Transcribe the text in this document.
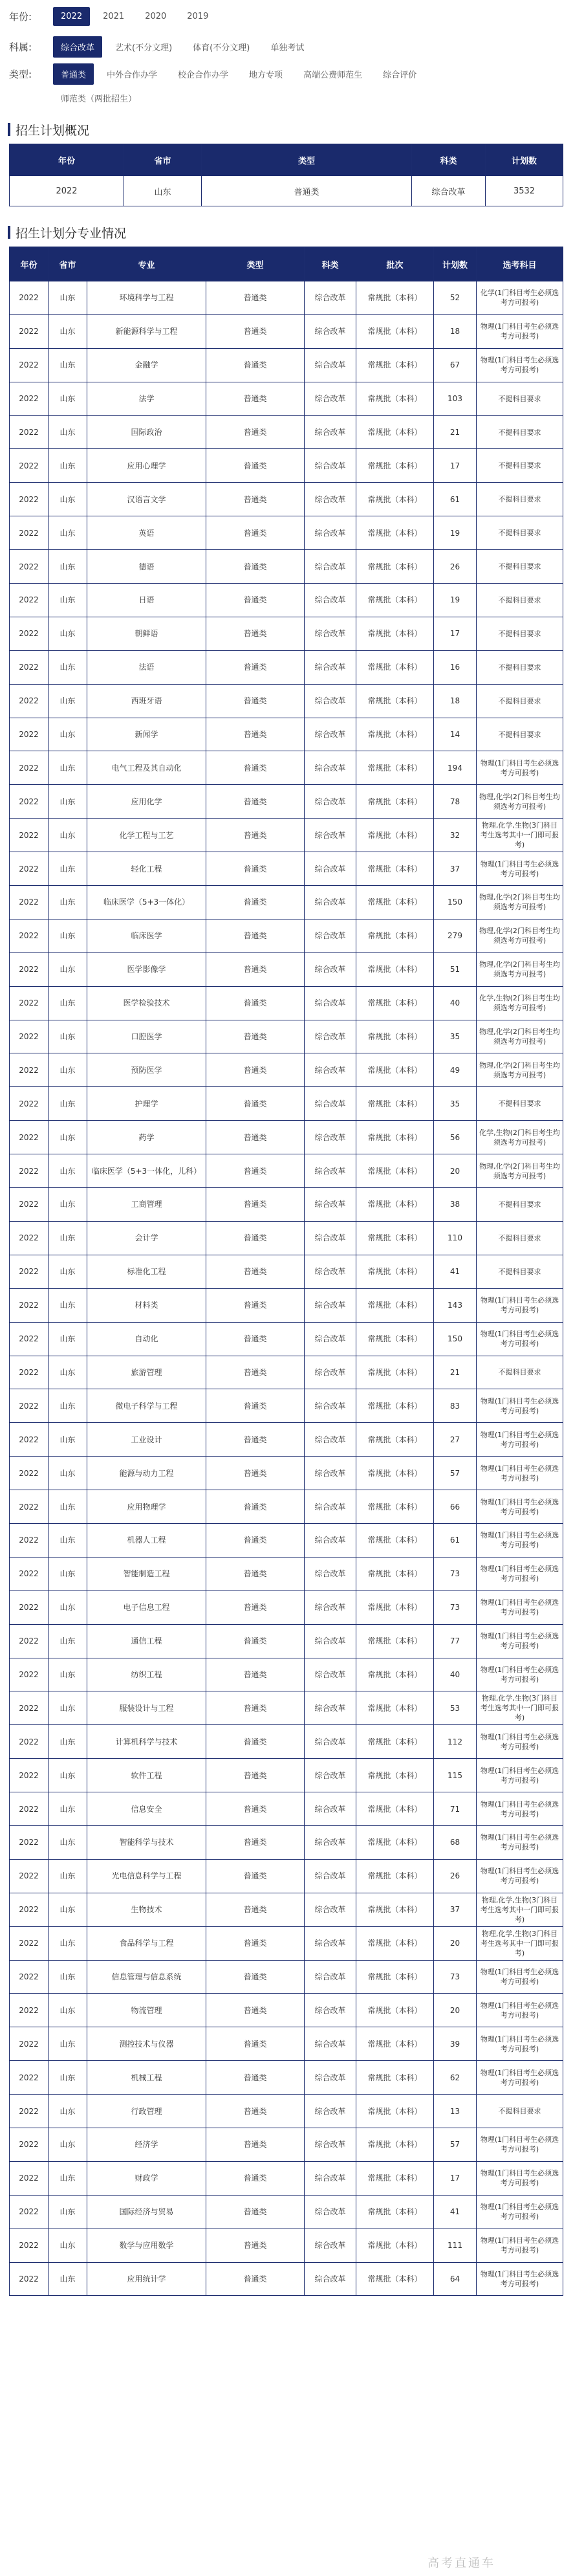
年份:	2022	2021	2020	2019
科属:	综合改革	艺术(不分文理)	体育(不分文理)	单独考试
类型:	普通类	中外合作办学	校企合作办学	地方专项	高端公费师范生	综合评价
师范类（两批招生）
招生计划概况
年份	省市	类型	科类	计划数
2022	山东	普通类	综合改革	3532
招生计划分专业情况
年份	省市	专业	类型	科类	批次	计划数	选考科目
2022	山东	环境科学与工程	普通类	综合改革	常规批（本科）	52	化学(1门科目考生必须选考方可报考)
2022	山东	新能源科学与工程	普通类	综合改革	常规批（本科）	18	物理(1门科目考生必须选考方可报考)
2022	山东	金融学	普通类	综合改革	常规批（本科）	67	物理(1门科目考生必须选考方可报考)
2022	山东	法学	普通类	综合改革	常规批（本科）	103	不提科目要求
2022	山东	国际政治	普通类	综合改革	常规批（本科）	21	不提科目要求
2022	山东	应用心理学	普通类	综合改革	常规批（本科）	17	不提科目要求
2022	山东	汉语言文学	普通类	综合改革	常规批（本科）	61	不提科目要求
2022	山东	英语	普通类	综合改革	常规批（本科）	19	不提科目要求
2022	山东	德语	普通类	综合改革	常规批（本科）	26	不提科目要求
2022	山东	日语	普通类	综合改革	常规批（本科）	19	不提科目要求
2022	山东	朝鲜语	普通类	综合改革	常规批（本科）	17	不提科目要求
2022	山东	法语	普通类	综合改革	常规批（本科）	16	不提科目要求
2022	山东	西班牙语	普通类	综合改革	常规批（本科）	18	不提科目要求
2022	山东	新闻学	普通类	综合改革	常规批（本科）	14	不提科目要求
2022	山东	电气工程及其自动化	普通类	综合改革	常规批（本科）	194	物理(1门科目考生必须选考方可报考)
2022	山东	应用化学	普通类	综合改革	常规批（本科）	78	物理,化学(2门科目考生均须选考方可报考)
2022	山东	化学工程与工艺	普通类	综合改革	常规批（本科）	32	物理,化学,生物(3门科目考生选考其中一门即可报考)
2022	山东	轻化工程	普通类	综合改革	常规批（本科）	37	物理(1门科目考生必须选考方可报考)
2022	山东	临床医学（5+3一体化）	普通类	综合改革	常规批（本科）	150	物理,化学(2门科目考生均须选考方可报考)
2022	山东	临床医学	普通类	综合改革	常规批（本科）	279	物理,化学(2门科目考生均须选考方可报考)
2022	山东	医学影像学	普通类	综合改革	常规批（本科）	51	物理,化学(2门科目考生均须选考方可报考)
2022	山东	医学检验技术	普通类	综合改革	常规批（本科）	40	化学,生物(2门科目考生均须选考方可报考)
2022	山东	口腔医学	普通类	综合改革	常规批（本科）	35	物理,化学(2门科目考生均须选考方可报考)
2022	山东	预防医学	普通类	综合改革	常规批（本科）	49	物理,化学(2门科目考生均须选考方可报考)
2022	山东	护理学	普通类	综合改革	常规批（本科）	35	不提科目要求
2022	山东	药学	普通类	综合改革	常规批（本科）	56	化学,生物(2门科目考生均须选考方可报考)
2022	山东	临床医学（5+3一体化，儿科）	普通类	综合改革	常规批（本科）	20	物理,化学(2门科目考生均须选考方可报考)
2022	山东	工商管理	普通类	综合改革	常规批（本科）	38	不提科目要求
2022	山东	会计学	普通类	综合改革	常规批（本科）	110	不提科目要求
2022	山东	标准化工程	普通类	综合改革	常规批（本科）	41	不提科目要求
2022	山东	材料类	普通类	综合改革	常规批（本科）	143	物理(1门科目考生必须选考方可报考)
2022	山东	自动化	普通类	综合改革	常规批（本科）	150	物理(1门科目考生必须选考方可报考)
2022	山东	旅游管理	普通类	综合改革	常规批（本科）	21	不提科目要求
2022	山东	微电子科学与工程	普通类	综合改革	常规批（本科）	83	物理(1门科目考生必须选考方可报考)
2022	山东	工业设计	普通类	综合改革	常规批（本科）	27	物理(1门科目考生必须选考方可报考)
2022	山东	能源与动力工程	普通类	综合改革	常规批（本科）	57	物理(1门科目考生必须选考方可报考)
2022	山东	应用物理学	普通类	综合改革	常规批（本科）	66	物理(1门科目考生必须选考方可报考)
2022	山东	机器人工程	普通类	综合改革	常规批（本科）	61	物理(1门科目考生必须选考方可报考)
2022	山东	智能制造工程	普通类	综合改革	常规批（本科）	73	物理(1门科目考生必须选考方可报考)
2022	山东	电子信息工程	普通类	综合改革	常规批（本科）	73	物理(1门科目考生必须选考方可报考)
2022	山东	通信工程	普通类	综合改革	常规批（本科）	77	物理(1门科目考生必须选考方可报考)
2022	山东	纺织工程	普通类	综合改革	常规批（本科）	40	物理(1门科目考生必须选考方可报考)
2022	山东	服装设计与工程	普通类	综合改革	常规批（本科）	53	物理,化学,生物(3门科目考生选考其中一门即可报考)
2022	山东	计算机科学与技术	普通类	综合改革	常规批（本科）	112	物理(1门科目考生必须选考方可报考)
2022	山东	软件工程	普通类	综合改革	常规批（本科）	115	物理(1门科目考生必须选考方可报考)
2022	山东	信息安全	普通类	综合改革	常规批（本科）	71	物理(1门科目考生必须选考方可报考)
2022	山东	智能科学与技术	普通类	综合改革	常规批（本科）	68	物理(1门科目考生必须选考方可报考)
2022	山东	光电信息科学与工程	普通类	综合改革	常规批（本科）	26	物理(1门科目考生必须选考方可报考)
2022	山东	生物技术	普通类	综合改革	常规批（本科）	37	物理,化学,生物(3门科目考生选考其中一门即可报考)
2022	山东	食品科学与工程	普通类	综合改革	常规批（本科）	20	物理,化学,生物(3门科目考生选考其中一门即可报考)
2022	山东	信息管理与信息系统	普通类	综合改革	常规批（本科）	73	物理(1门科目考生必须选考方可报考)
2022	山东	物流管理	普通类	综合改革	常规批（本科）	20	物理(1门科目考生必须选考方可报考)
2022	山东	测控技术与仪器	普通类	综合改革	常规批（本科）	39	物理(1门科目考生必须选考方可报考)
2022	山东	机械工程	普通类	综合改革	常规批（本科）	62	物理(1门科目考生必须选考方可报考)
2022	山东	行政管理	普通类	综合改革	常规批（本科）	13	不提科目要求
2022	山东	经济学	普通类	综合改革	常规批（本科）	57	物理(1门科目考生必须选考方可报考)
2022	山东	财政学	普通类	综合改革	常规批（本科）	17	物理(1门科目考生必须选考方可报考)
2022	山东	国际经济与贸易	普通类	综合改革	常规批（本科）	41	物理(1门科目考生必须选考方可报考)
2022	山东	数学与应用数学	普通类	综合改革	常规批（本科）	111	物理(1门科目考生必须选考方可报考)
2022	山东	应用统计学	普通类	综合改革	常规批（本科）	64	物理(1门科目考生必须选考方可报考)
高考直通车
